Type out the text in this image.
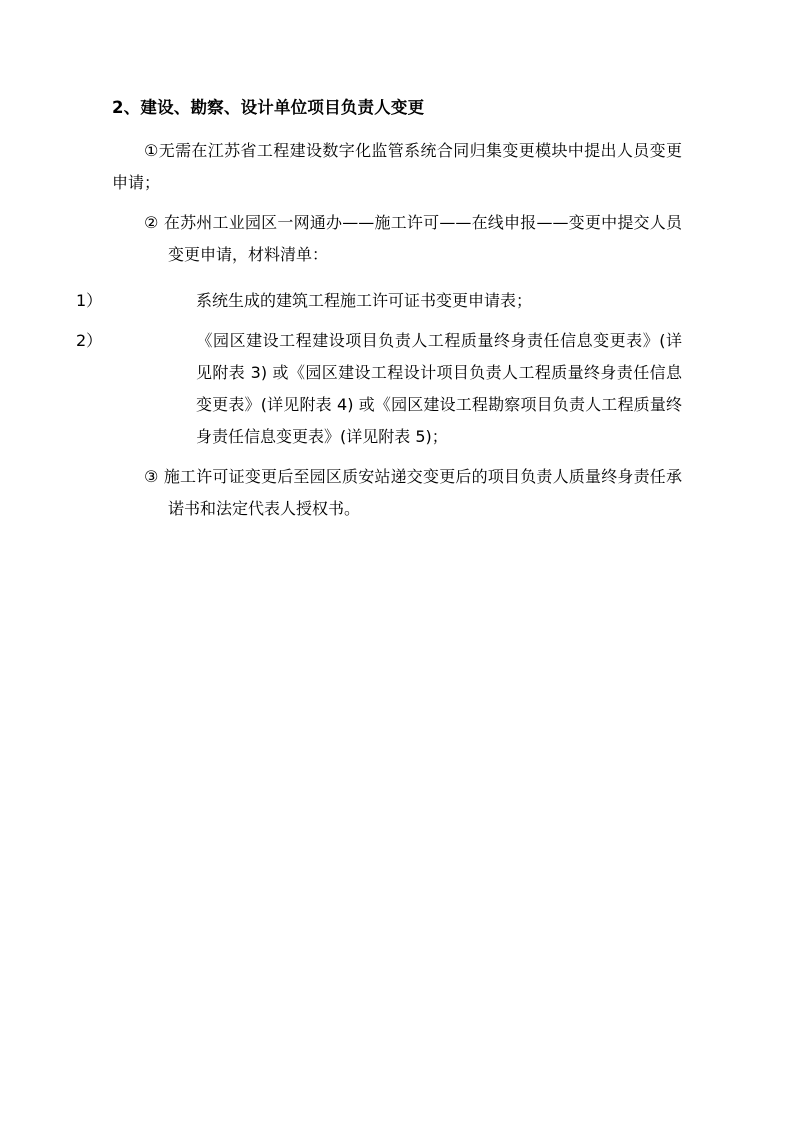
2、建设、勘察、设计单位项目负责人变更

①无需在江苏省工程建设数字化监管系统合同归集变更模块中提出人员变更申请；

② 在苏州工业园区一网通办——施工许可——在线申报——变更中提交人员变更申请，材料清单：

1）	系统生成的建筑工程施工许可证书变更申请表；

2）	《园区建设工程建设项目负责人工程质量终身责任信息变更表》(详见附表 3) 或《园区建设工程设计项目负责人工程质量终身责任信息变更表》(详见附表 4) 或《园区建设工程勘察项目负责人工程质量终身责任信息变更表》(详见附表 5)；

③ 施工许可证变更后至园区质安站递交变更后的项目负责人质量终身责任承诺书和法定代表人授权书。
